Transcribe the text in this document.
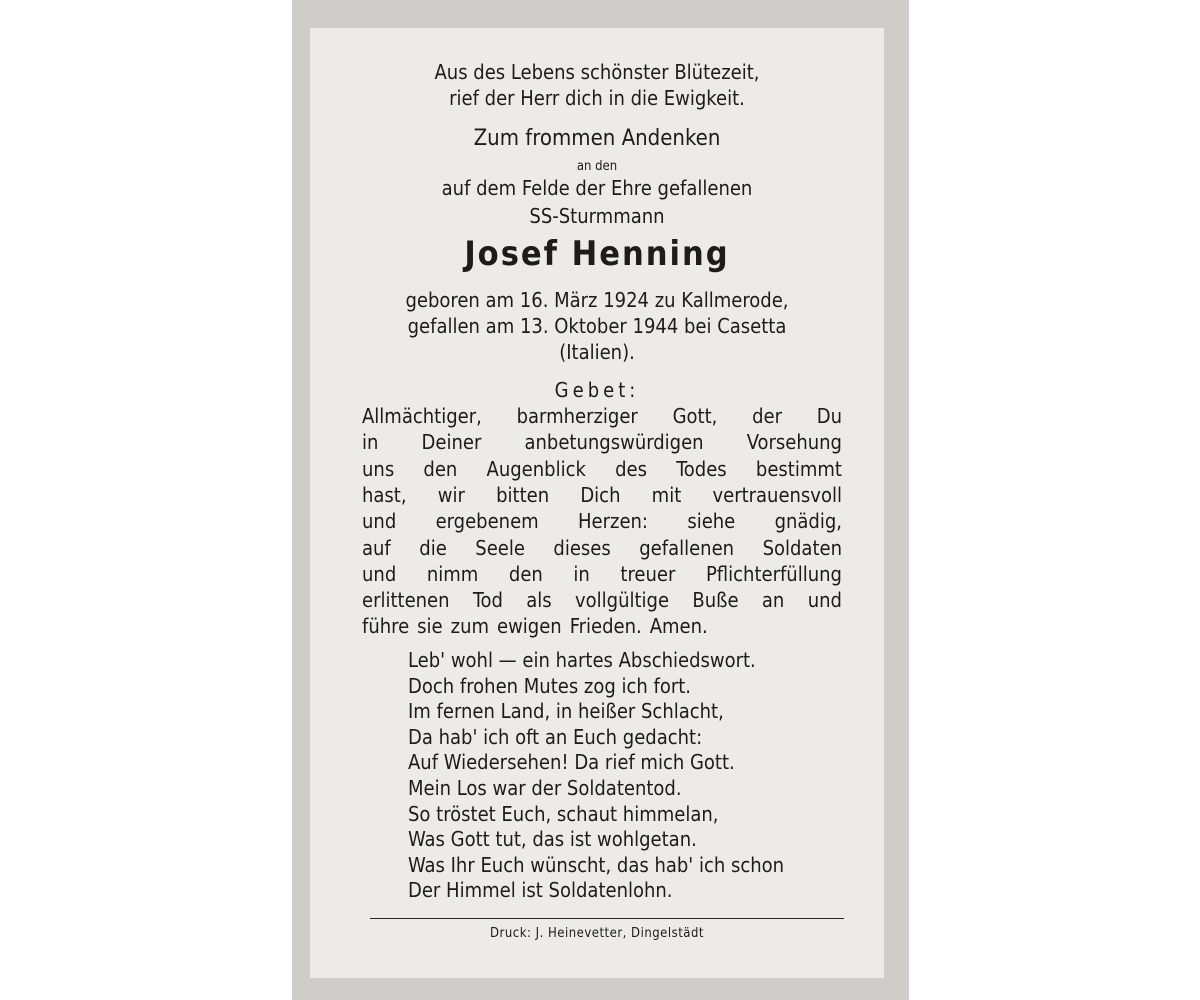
Aus des Lebens schönster Blütezeit,
rief der Herr dich in die Ewigkeit.
Zum frommen Andenken
an den
auf dem Felde der Ehre gefallenen
SS-Sturmmann
Josef Henning
geboren am 16. März 1924 zu Kallmerode,
gefallen am 13. Oktober 1944 bei Casetta
(Italien).
Gebet:
Allmächtiger, barmherziger Gott, der Du
in Deiner anbetungswürdigen Vorsehung
uns den Augenblick des Todes bestimmt
hast, wir bitten Dich mit vertrauensvoll
und ergebenem Herzen: siehe gnädig,
auf die Seele dieses gefallenen Soldaten
und nimm den in treuer Pflichterfüllung
erlittenen Tod als vollgültige Buße an und
führe sie zum ewigen Frieden. Amen.
Leb' wohl — ein hartes Abschiedswort.
Doch frohen Mutes zog ich fort.
Im fernen Land, in heißer Schlacht,
Da hab' ich oft an Euch gedacht:
Auf Wiedersehen! Da rief mich Gott.
Mein Los war der Soldatentod.
So tröstet Euch, schaut himmelan,
Was Gott tut, das ist wohlgetan.
Was Ihr Euch wünscht, das hab' ich schon
Der Himmel ist Soldatenlohn.
Druck: J. Heinevetter, Dingelstädt
